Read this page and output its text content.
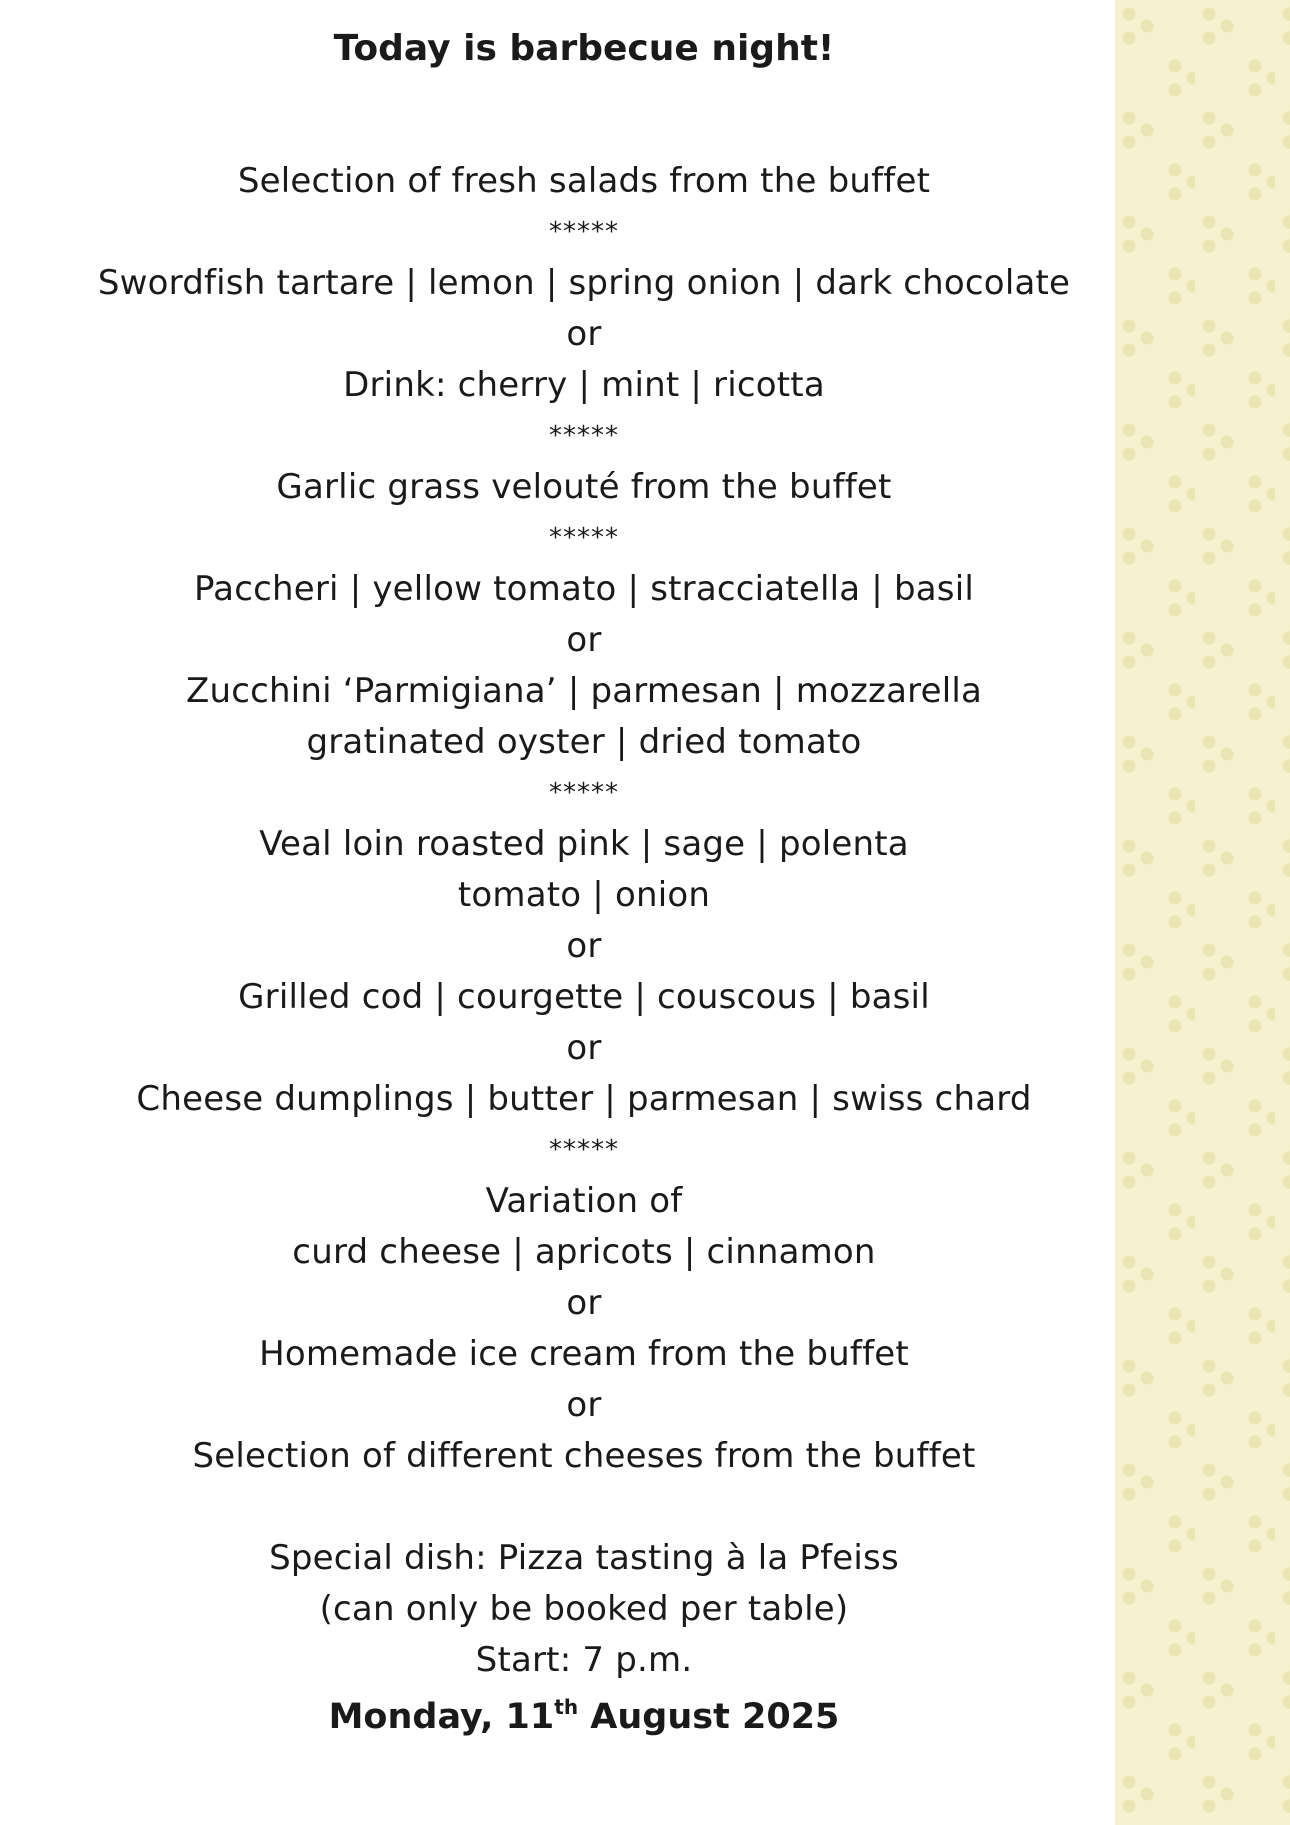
Today is barbecue night!
Selection of fresh salads from the buffet
*****
Swordfish tartare | lemon | spring onion | dark chocolate
or
Drink: cherry | mint | ricotta
*****
Garlic grass velouté from the buffet
*****
Paccheri | yellow tomato | stracciatella | basil
or
Zucchini ‘Parmigiana’ | parmesan | mozzarella
gratinated oyster | dried tomato
*****
Veal loin roasted pink | sage | polenta
tomato | onion
or
Grilled cod | courgette | couscous | basil
or
Cheese dumplings | butter | parmesan | swiss chard
*****
Variation of
curd cheese | apricots | cinnamon
or
Homemade ice cream from the buffet
or
Selection of different cheeses from the buffet
Special dish: Pizza tasting à la Pfeiss
(can only be booked per table)
Start: 7 p.m.

Monday, 11th August 2025
